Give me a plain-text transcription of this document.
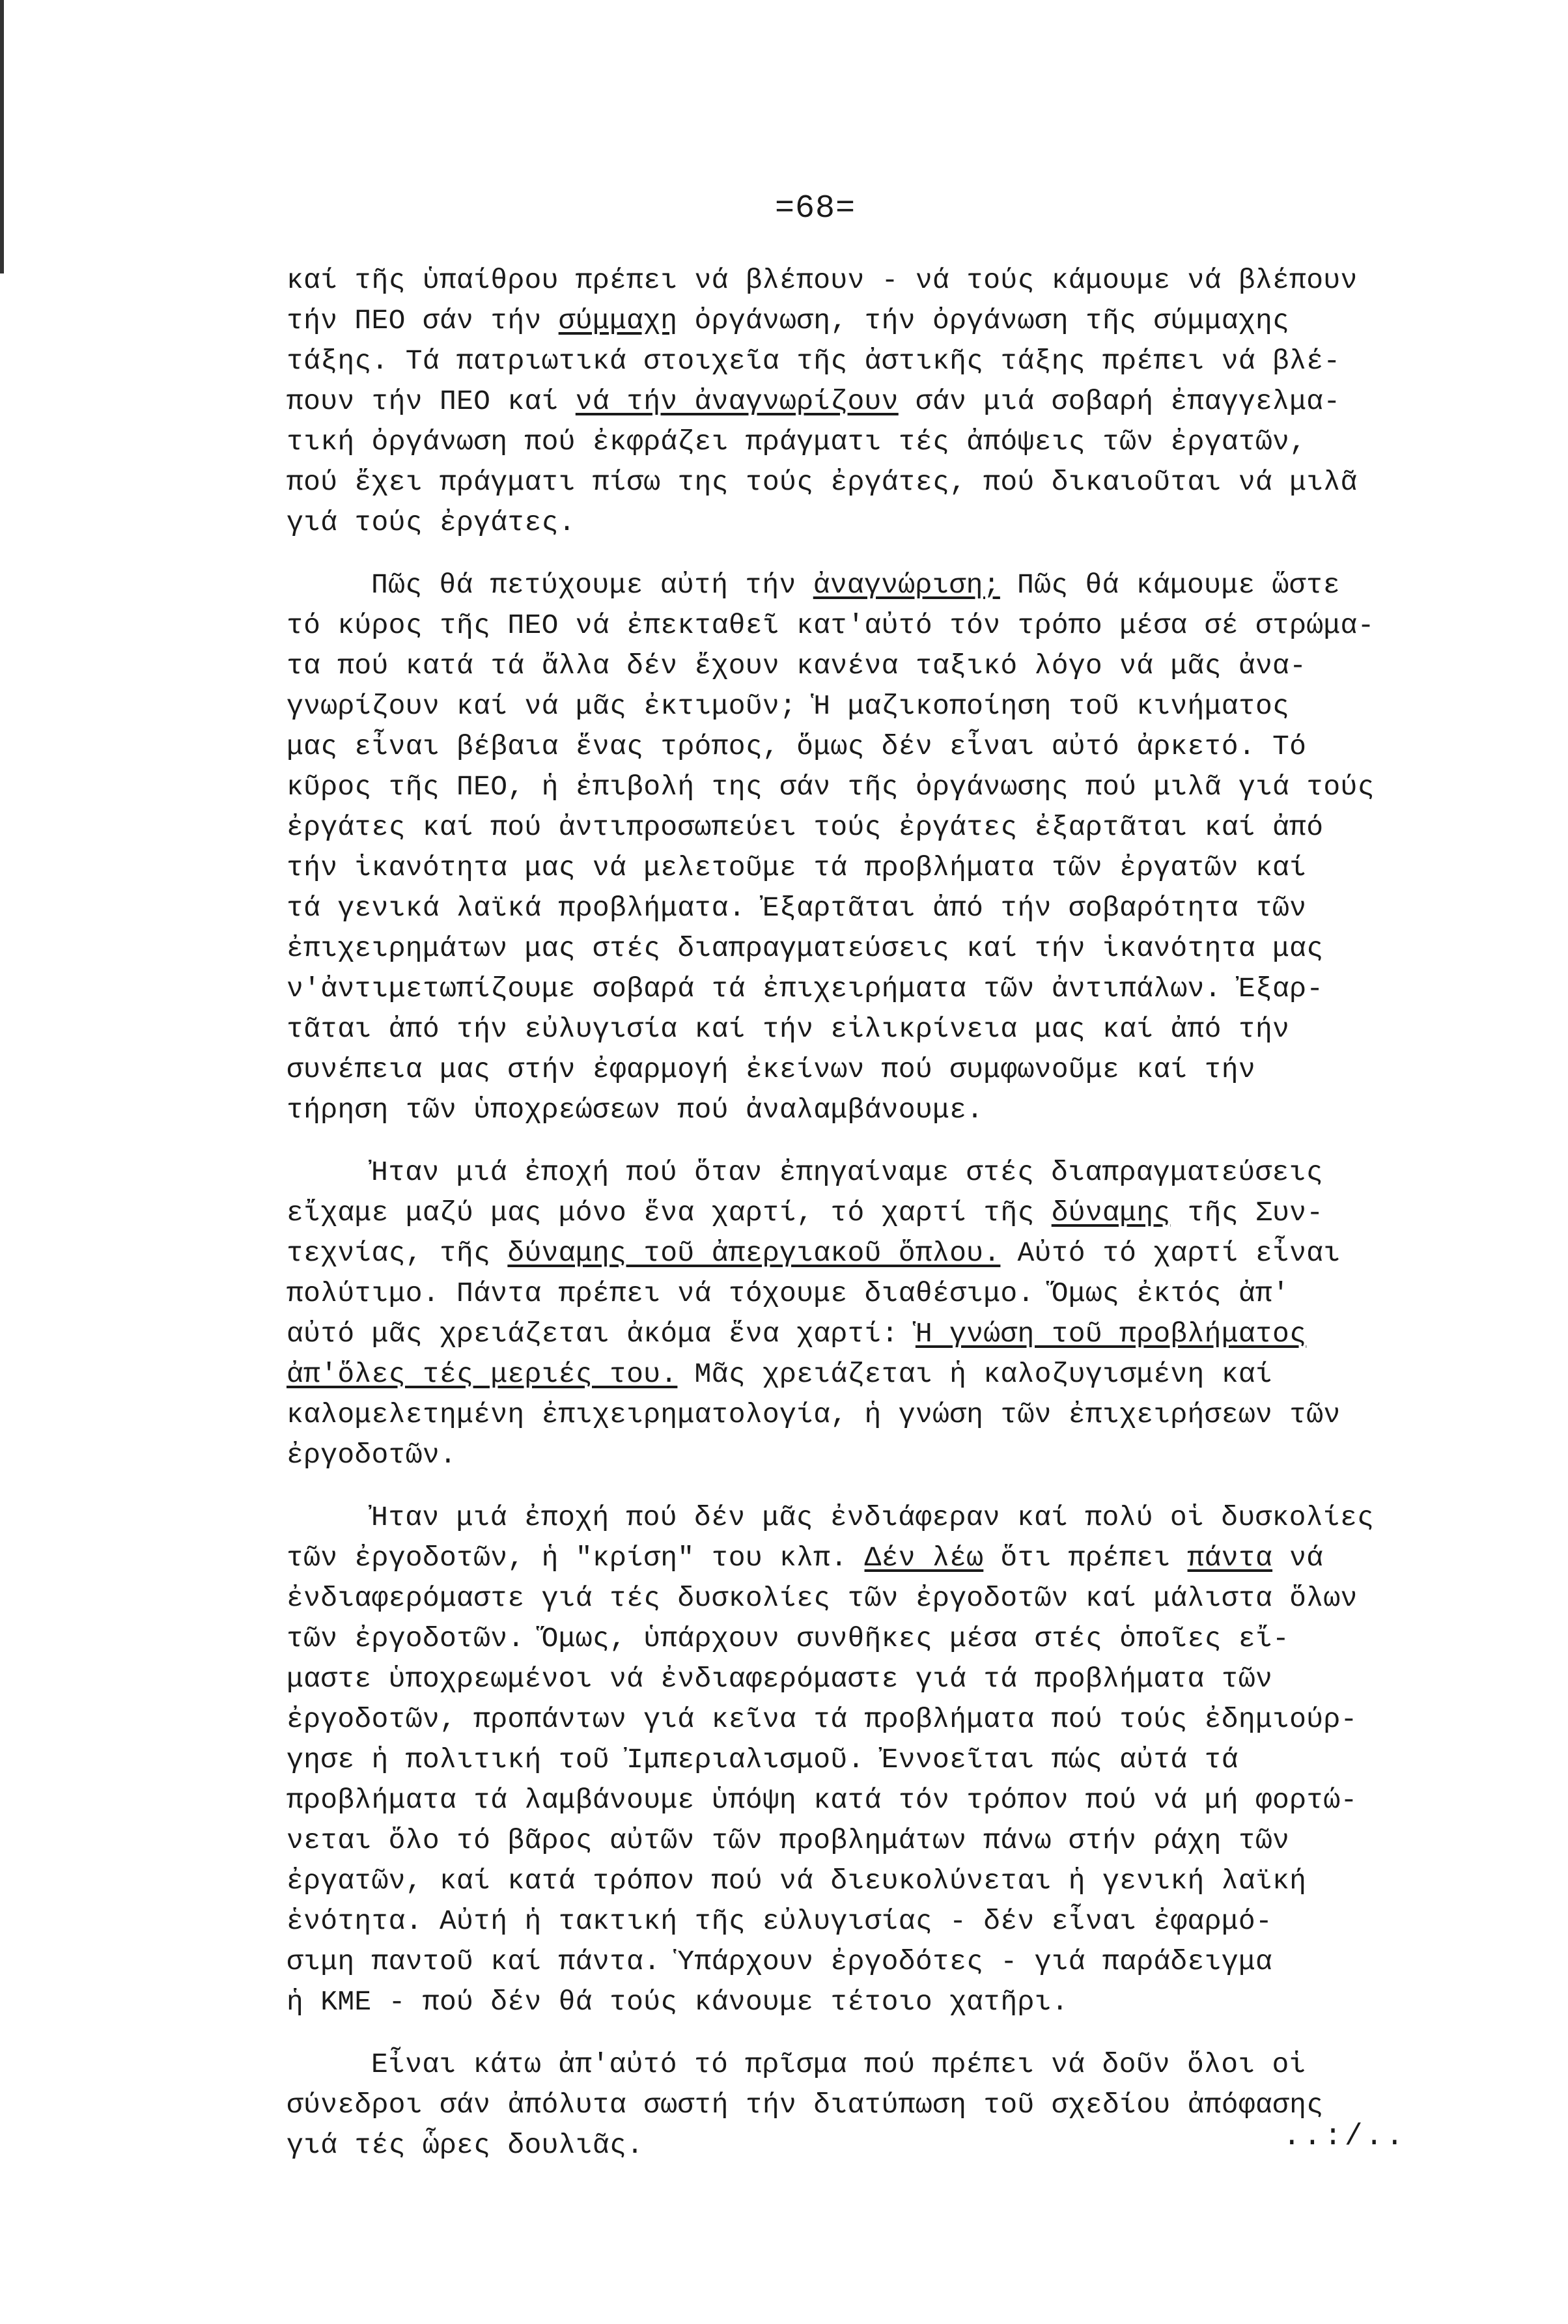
=68=
καί τῆς ὑπαίθρου πρέπει νά βλέπουν - νά τούς κάμουμε νά βλέπουν
τήν ΠΕΟ σάν τήν σύμμαχη ὀργάνωση, τήν ὀργάνωση τῆς σύμμαχης
τάξης. Τά πατριωτικά στοιχεῖα τῆς ἀστικῆς τάξης πρέπει νά βλέ-
πουν τήν ΠΕΟ καί νά τήν ἀναγνωρίζουν σάν μιά σοβαρή ἐπαγγελμα-
τική ὀργάνωση πού ἐκφράζει πράγματι τές ἀπόψεις τῶν ἐργατῶν,
πού ἔχει πράγματι πίσω της τούς ἐργάτες, πού δικαιοῦται νά μιλᾶ
γιά τούς ἐργάτες.
Πῶς θά πετύχουμε αὐτή τήν ἀναγνώριση; Πῶς θά κάμουμε ὥστε
τό κύρος τῆς ΠΕΟ νά ἐπεκταθεῖ κατ'αὐτό τόν τρόπο μέσα σέ στρώμα-
τα πού κατά τά ἄλλα δέν ἔχουν κανένα ταξικό λόγο νά μᾶς ἀνα-
γνωρίζουν καί νά μᾶς ἐκτιμοῦν; Ἡ μαζικοποίηση τοῦ κινήματος
μας εἶναι βέβαια ἕνας τρόπος, ὅμως δέν εἶναι αὐτό ἀρκετό. Τό
κῦρος τῆς ΠΕΟ, ἡ ἐπιβολή της σάν τῆς ὀργάνωσης πού μιλᾶ γιά τούς
ἐργάτες καί πού ἀντιπροσωπεύει τούς ἐργάτες ἐξαρτᾶται καί ἀπό
τήν ἱκανότητα μας νά μελετοῦμε τά προβλήματα τῶν ἐργατῶν καί
τά γενικά λαϊκά προβλήματα. Ἐξαρτᾶται ἀπό τήν σοβαρότητα τῶν
ἐπιχειρημάτων μας στές διαπραγματεύσεις καί τήν ἱκανότητα μας
ν'ἀντιμετωπίζουμε σοβαρά τά ἐπιχειρήματα τῶν ἀντιπάλων. Ἐξαρ-
τᾶται ἀπό τήν εὐλυγισία καί τήν εἰλικρίνεια μας καί ἀπό τήν
συνέπεια μας στήν ἐφαρμογή ἐκείνων πού συμφωνοῦμε καί τήν
τήρηση τῶν ὑποχρεώσεων πού ἀναλαμβάνουμε.
Ἠταν μιά ἐποχή πού ὅταν ἐπηγαίναμε στές διαπραγματεύσεις
εἴχαμε μαζύ μας μόνο ἕνα χαρτί, τό χαρτί τῆς δύναμης τῆς Συν-
τεχνίας, τῆς δύναμης τοῦ ἀπεργιακοῦ ὅπλου. Αὐτό τό χαρτί εἶναι
πολύτιμο. Πάντα πρέπει νά τόχουμε διαθέσιμο. Ὅμως ἐκτός ἀπ'
αὐτό μᾶς χρειάζεται ἀκόμα ἕνα χαρτί: Ἡ γνώση τοῦ προβλήματος
ἀπ'ὅλες τές μεριές του. Μᾶς χρειάζεται ἡ καλοζυγισμένη καί
καλομελετημένη ἐπιχειρηματολογία, ἡ γνώση τῶν ἐπιχειρήσεων τῶν
ἐργοδοτῶν.
Ἠταν μιά ἐποχή πού δέν μᾶς ἐνδιάφεραν καί πολύ οἱ δυσκολίες
τῶν ἐργοδοτῶν, ἡ "κρίση" του κλπ. Δέν λέω ὅτι πρέπει πάντα νά
ἐνδιαφερόμαστε γιά τές δυσκολίες τῶν ἐργοδοτῶν καί μάλιστα ὅλων
τῶν ἐργοδοτῶν. Ὅμως, ὑπάρχουν συνθῆκες μέσα στές ὁποῖες εἴ-
μαστε ὑποχρεωμένοι νά ἐνδιαφερόμαστε γιά τά προβλήματα τῶν
ἐργοδοτῶν, προπάντων γιά κεῖνα τά προβλήματα πού τούς ἐδημιούρ-
γησε ἡ πολιτική τοῦ Ἰμπεριαλισμοῦ. Ἐννοεῖται πώς αὐτά τά
προβλήματα τά λαμβάνουμε ὑπόψη κατά τόν τρόπον πού νά μή φορτώ-
νεται ὅλο τό βᾶρος αὐτῶν τῶν προβλημάτων πάνω στήν ράχη τῶν
ἐργατῶν, καί κατά τρόπον πού νά διευκολύνεται ἡ γενική λαϊκή
ἑνότητα. Αὐτή ἡ τακτική τῆς εὐλυγισίας - δέν εἶναι ἐφαρμό-
σιμη παντοῦ καί πάντα. Ὑπάρχουν ἐργοδότες - γιά παράδειγμα
ἡ ΚΜΕ - πού δέν θά τούς κάνουμε τέτοιο χατῆρι.
Εἶναι κάτω ἀπ'αὐτό τό πρῖσμα πού πρέπει νά δοῦν ὅλοι οἱ
σύνεδροι σάν ἀπόλυτα σωστή τήν διατύπωση τοῦ σχεδίου ἀπόφασης
γιά τές ὧρες δουλιᾶς.	..:/..
